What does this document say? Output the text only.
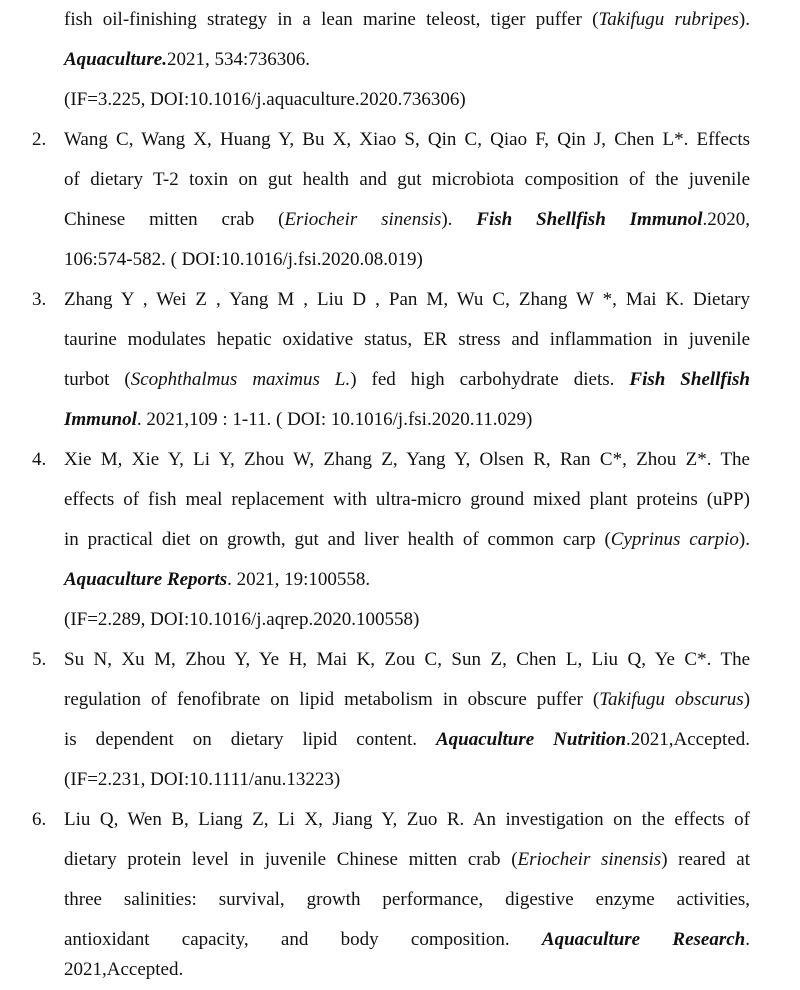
fish oil-finishing strategy in a lean marine teleost, tiger puffer (Takifugu rubripes).
Aquaculture.2021, 534:736306.
(IF=3.225, DOI:10.1016/j.aquaculture.2020.736306)
2. Wang C, Wang X, Huang Y, Bu X, Xiao S, Qin C, Qiao F, Qin J, Chen L*. Effects
of dietary T-2 toxin on gut health and gut microbiota composition of the juvenile
Chinese mitten crab (Eriocheir sinensis). Fish Shellfish Immunol.2020,
106:574-582. ( DOI:10.1016/j.fsi.2020.08.019)
3. Zhang Y , Wei Z , Yang M , Liu D , Pan M, Wu C, Zhang W *, Mai K. Dietary
taurine modulates hepatic oxidative status, ER stress and inflammation in juvenile
turbot (Scophthalmus maximus L.) fed high carbohydrate diets. Fish Shellfish
Immunol. 2021,109 : 1-11. ( DOI: 10.1016/j.fsi.2020.11.029)
4. Xie M, Xie Y, Li Y, Zhou W, Zhang Z, Yang Y, Olsen R, Ran C*, Zhou Z*. The
effects of fish meal replacement with ultra-micro ground mixed plant proteins (uPP)
in practical diet on growth, gut and liver health of common carp (Cyprinus carpio).
Aquaculture Reports. 2021, 19:100558.
(IF=2.289, DOI:10.1016/j.aqrep.2020.100558)
5. Su N, Xu M, Zhou Y, Ye H, Mai K, Zou C, Sun Z, Chen L, Liu Q, Ye C*. The
regulation of fenofibrate on lipid metabolism in obscure puffer (Takifugu obscurus)
is dependent on dietary lipid content. Aquaculture Nutrition.2021,Accepted.
(IF=2.231, DOI:10.1111/anu.13223)
6. Liu Q, Wen B, Liang Z, Li X, Jiang Y, Zuo R. An investigation on the effects of
dietary protein level in juvenile Chinese mitten crab (Eriocheir sinensis) reared at
three salinities: survival, growth performance, digestive enzyme activities,
antioxidant capacity, and body composition. Aquaculture Research.
2021,Accepted.
